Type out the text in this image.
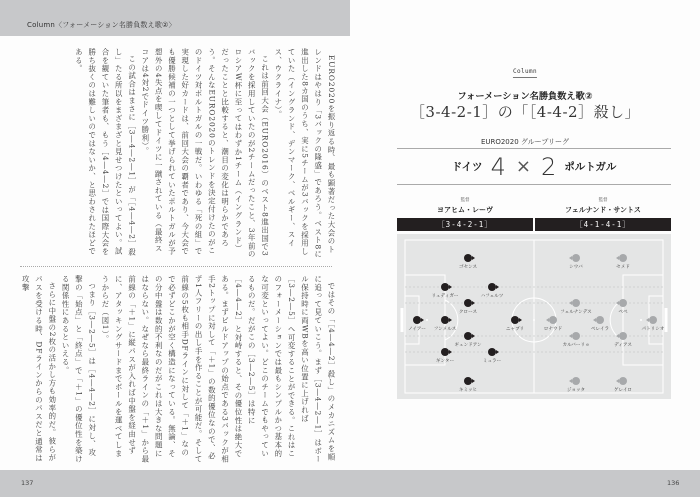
Column〈フォーメーション名勝負数え歌②〉

EURO2020を振り返る時、最も顕著だった大会のトレンドはやはり「3バックの隆盛」であろう。ベスト8に進出した8カ国のうち、実に5チームが3バックを採用していた（イングランド、デンマーク、ベルギー、スイス、ウクライナ）。

これは前回大会（EURO2016）のベスト8進出国で3バックを採用していたのが2チームだったこと、3年前のロシアW杯に至ってはわずか1チーム（イングランド）だったことと比較すると、潮目の変化は明らかであろう。そんなEURO2020のトレンドを決定付けたのがこのドイツ対ポルトガルの一戦だ。いわゆる「死の組」で実現した好カードは、前回大会の覇者であり、今大会でも優勝候補の一つとして挙げられていたポルトガルが予想外の4失点を喫してドイツに一蹴されている（最終スコアは4対2でドイツ勝利）。

この試合はまさに［3―4―2―1］が「［4―4―2］殺し」たる所以をまざまざと見せつけたといってよい。試合を観ていた筆者も、もう［4―4―2］では国際大会を勝ち抜くのは難しいのではないか、と思わされたほどである。

ではその「［4―4―2］殺し」のメカニズムを順に追って見ていこう。まず［3―4―2―1］はボール保持時に両WBを高い位置に上げれば［3―2―5］へ可変することができる。これはこのフォーメーションでは最もシンプルかつ基本的な可変といってよい。どこのチームでもやっているものだ。だがこの［3―2―5］は特に［4―4―2］と対峙すると、その優位性は絶大である。まずビルドアップの始点である3バックが相手2トップに対して「＋1」の数的優位なので、必ず1人フリーの出し手を作ることが可能だ。そして前線の5枚も相手DFラインに対して「＋1」なので必ずどこかが空く構造になっている。無論、その分中盤は数的不利なのだがこれは大きな問題にはならない。なぜなら最終ラインの「＋1」から最前線の「＋1」に縦パスが入れば中盤を経由せずに、アタッキングサードまでボールを運べてしまうからだ（図1）。

つまり［3―2―5］は［4―4―2］に対し、攻撃の「始点」と「終点」で「＋1」の優位性を築ける関係性にあるといえる。

さらに中盤の2枚の活かし方も効率的だ。彼らがパスを受ける時、DFラインからのパスだと通常は攻撃

Column
フォーメーション名勝負数え歌②
［3-4-2-1］の「［4-4-2］殺し」
EURO2020 グループリーグ
ドイツ 4 × 2 ポルトガル
監督
ヨアヒム・レーヴ
監督
フェルナンド・サントス
［3-4-2-1］	［4-1-4-1］
ノイアー フンメルス
リュディガー
ギンター
ゴセンス
クロース
ギュンドアン
キミッヒ
ハフェルツ
ミュラー
ニャブリ	パトリシオ
セメド
ペペ
ディアス
ゲレイロ
ペレイラ
シウバ
フェルナンデス
カルバーリョ
ジョッタ
ロナウド
137	136
